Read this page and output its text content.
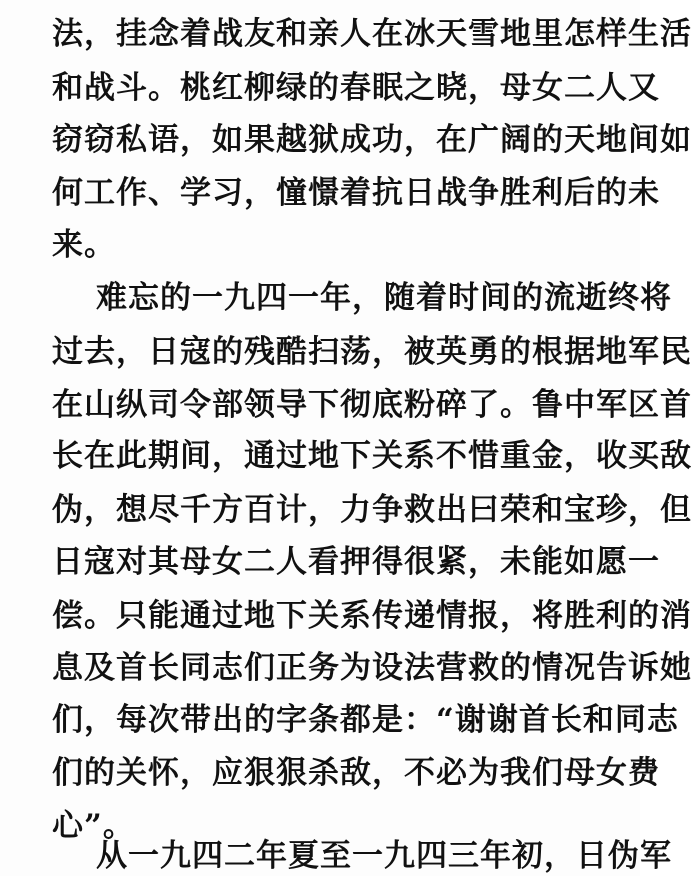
法，挂念着战友和亲人在冰天雪地里怎样生活
和战斗。桃红柳绿的春眠之晓，母女二人又
窃窃私语，如果越狱成功，在广阔的天地间如
何工作、学习，憧憬着抗日战争胜利后的未
来。
难忘的一九四一年，随着时间的流逝终将
过去，日寇的残酷扫荡，被英勇的根据地军民
在山纵司令部领导下彻底粉碎了。鲁中军区首
长在此期间，通过地下关系不惜重金，收买敌
伪，想尽千方百计，力争救出曰荣和宝珍，但
日寇对其母女二人看押得很紧，未能如愿一
偿。只能通过地下关系传递情报，将胜利的消
息及首长同志们正务为设法营救的情况告诉她
们，每次带出的字条都是：“谢谢首长和同志
们的关怀，应狠狠杀敌，不必为我们母女费
心”。
从一九四二年夏至一九四三年初，日伪军
